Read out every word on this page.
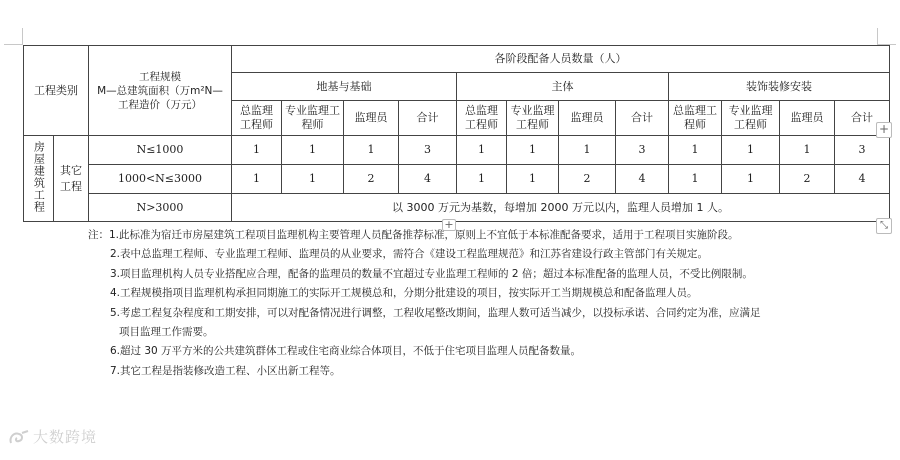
工程类别		工程规模
M—总建筑面积（万m²N—工程造价（万元）	各阶段配备人员数量（人）											
			地基与基础				主体				装饰装修安装			
			总监理工程师	专业监理工程师	监理员	合计	总监理工程师	专业监理工程师	监理员	合计	总监理工程师	专业监理工程师	监理员	合计
房屋建筑工程	其它工程	N≤1000	1	1	1	3	1	1	1	3	1	1	1	3
		1000<N≤3000	1	1	2	4	1	1	2	4	1	1	2	4
		N>3000	以 3000 万元为基数，每增加 2000 万元以内，监理人员增加 1 人。											
+
+	⤡
注：1.此标准为宿迁市房屋建筑工程项目监理机构主要管理人员配备推荐标准，原则上不宜低于本标准配备要求，适用于工程项目实施阶段。
2.表中总监理工程师、专业监理工程师、监理员的从业要求，需符合《建设工程监理规范》和江苏省建设行政主管部门有关规定。
3.项目监理机构人员专业搭配应合理，配备的监理员的数量不宜超过专业监理工程师的 2 倍；超过本标准配备的监理人员，不受比例限制。
4.工程规模指项目监理机构承担同期施工的实际开工规模总和，分期分批建设的项目，按实际开工当期规模总和配备监理人员。
5.考虑工程复杂程度和工期安排，可以对配备情况进行调整，工程收尾整改期间，监理人数可适当减少，以投标承诺、合同约定为准，应满足
项目监理工作需要。
6.超过 30 万平方米的公共建筑群体工程或住宅商业综合体项目，不低于住宅项目监理人员配备数量。
7.其它工程是指装修改造工程、小区出新工程等。
大数跨境
